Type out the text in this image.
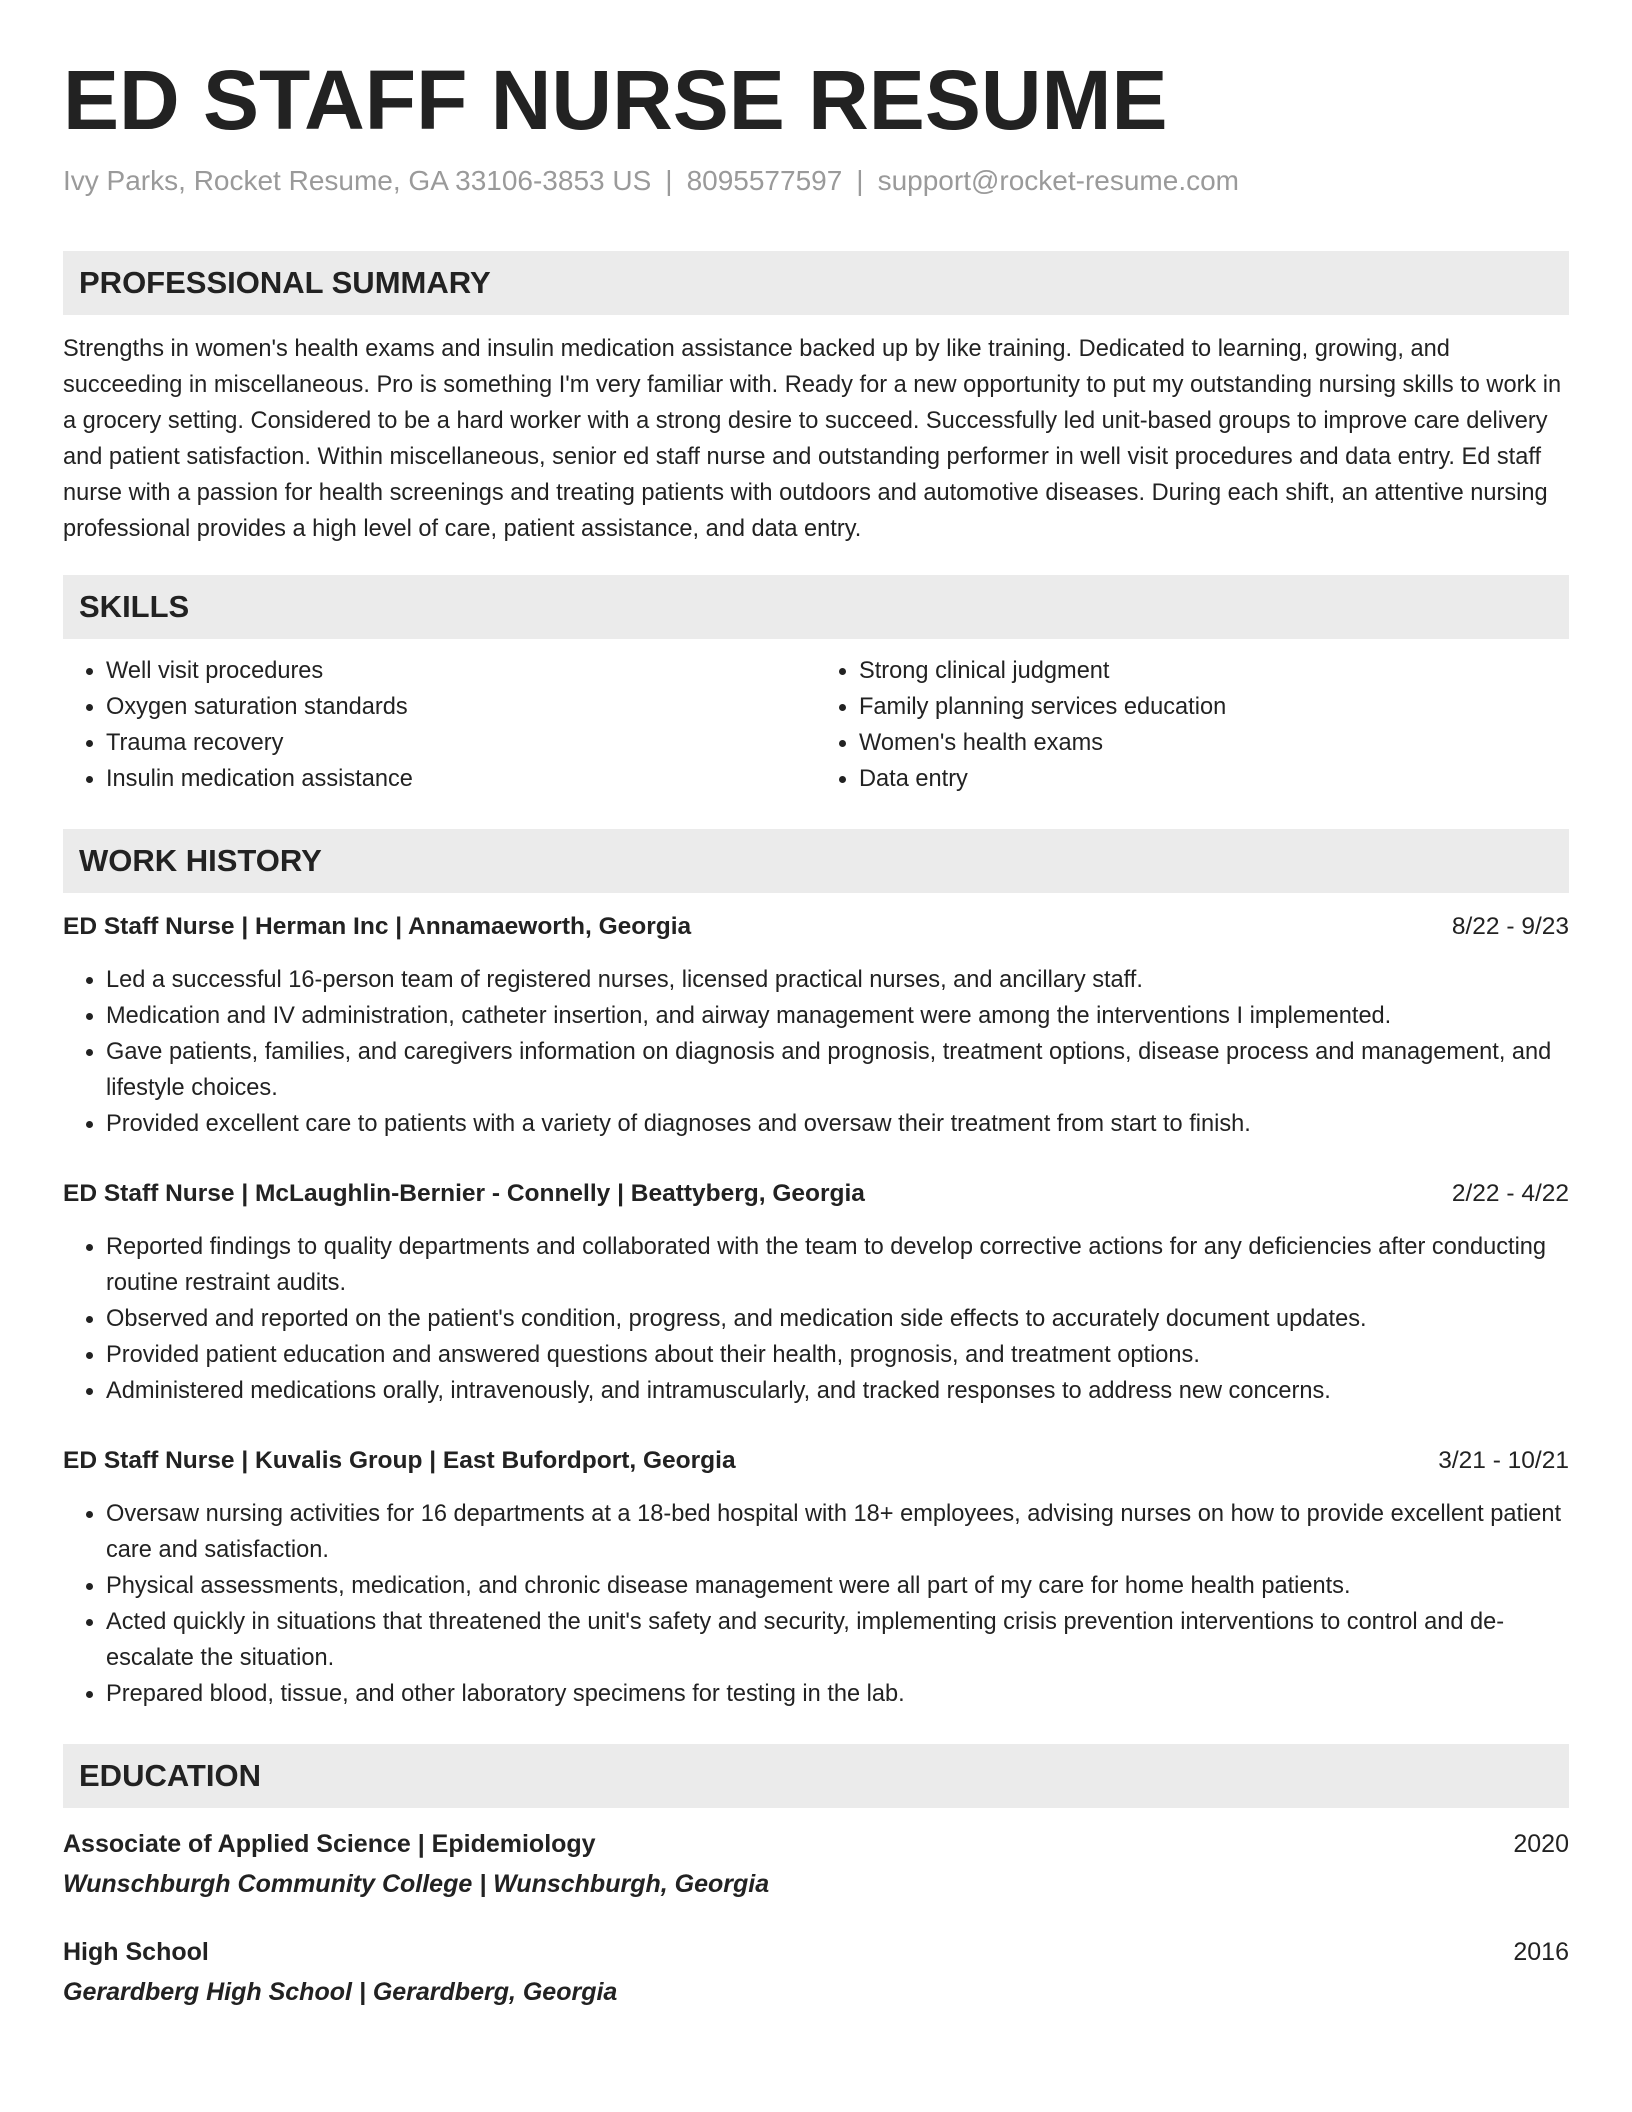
ED STAFF NURSE RESUME
Ivy Parks, Rocket Resume, GA 33106-3853 US | 8095577597 | support@rocket-resume.com
PROFESSIONAL SUMMARY
Strengths in women's health exams and insulin medication assistance backed up by like training. Dedicated to learning, growing, and succeeding in miscellaneous. Pro is something I'm very familiar with. Ready for a new opportunity to put my outstanding nursing skills to work in a grocery setting. Considered to be a hard worker with a strong desire to succeed. Successfully led unit-based groups to improve care delivery and patient satisfaction. Within miscellaneous, senior ed staff nurse and outstanding performer in well visit procedures and data entry. Ed staff nurse with a passion for health screenings and treating patients with outdoors and automotive diseases. During each shift, an attentive nursing professional provides a high level of care, patient assistance, and data entry.
SKILLS
• Well visit procedures
• Oxygen saturation standards
• Trauma recovery
• Insulin medication assistance
• Strong clinical judgment
• Family planning services education
• Women's health exams
• Data entry
WORK HISTORY
ED Staff Nurse | Herman Inc | Annamaeworth, Georgia	8/22 - 9/23
• Led a successful 16-person team of registered nurses, licensed practical nurses, and ancillary staff.
• Medication and IV administration, catheter insertion, and airway management were among the interventions I implemented.
• Gave patients, families, and caregivers information on diagnosis and prognosis, treatment options, disease process and management, and lifestyle choices.
• Provided excellent care to patients with a variety of diagnoses and oversaw their treatment from start to finish.
ED Staff Nurse | McLaughlin-Bernier - Connelly | Beattyberg, Georgia	2/22 - 4/22
• Reported findings to quality departments and collaborated with the team to develop corrective actions for any deficiencies after conducting routine restraint audits.
• Observed and reported on the patient's condition, progress, and medication side effects to accurately document updates.
• Provided patient education and answered questions about their health, prognosis, and treatment options.
• Administered medications orally, intravenously, and intramuscularly, and tracked responses to address new concerns.
ED Staff Nurse | Kuvalis Group | East Bufordport, Georgia	3/21 - 10/21
• Oversaw nursing activities for 16 departments at a 18-bed hospital with 18+ employees, advising nurses on how to provide excellent patient care and satisfaction.
• Physical assessments, medication, and chronic disease management were all part of my care for home health patients.
• Acted quickly in situations that threatened the unit's safety and security, implementing crisis prevention interventions to control and de-escalate the situation.
• Prepared blood, tissue, and other laboratory specimens for testing in the lab.
EDUCATION
Associate of Applied Science | Epidemiology	2020
Wunschburgh Community College | Wunschburgh, Georgia
High School	2016
Gerardberg High School | Gerardberg, Georgia
